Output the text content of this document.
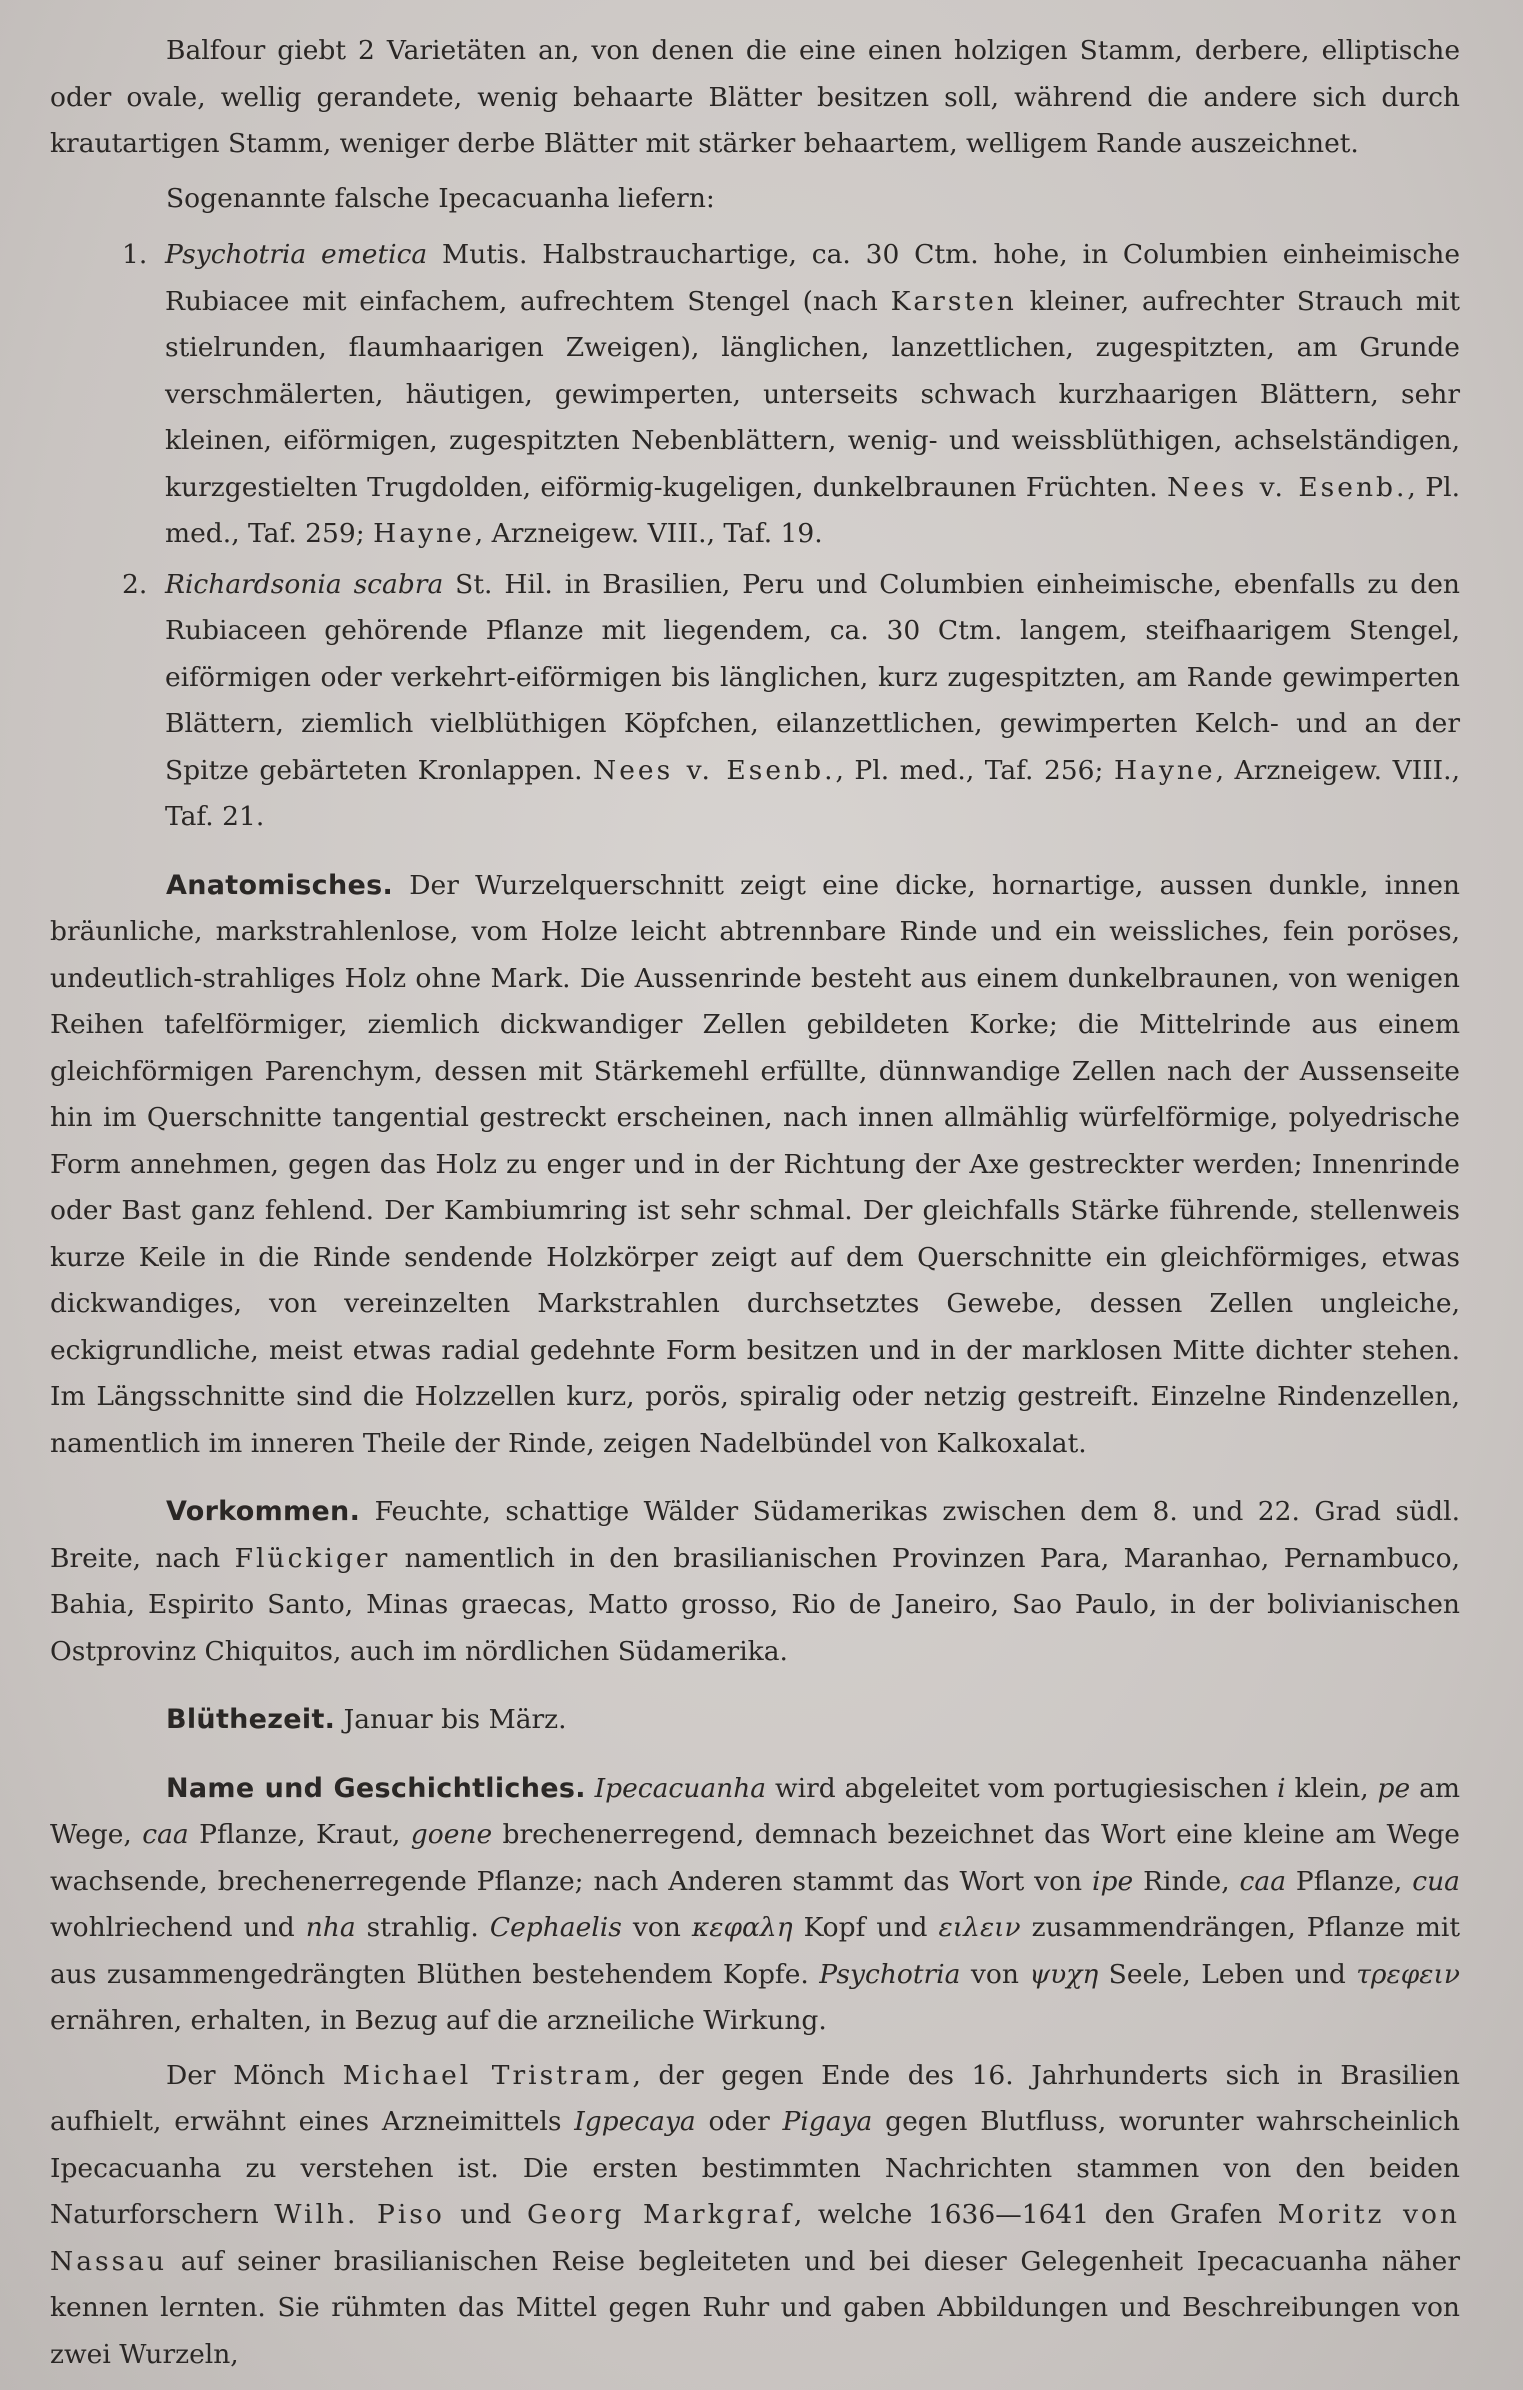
Balfour giebt 2 Varietäten an, von denen die eine einen holzigen Stamm, derbere, elliptische oder ovale, wellig gerandete, wenig behaarte Blätter besitzen soll, während die andere sich durch krautartigen Stamm, weniger derbe Blätter mit stärker behaartem, welligem Rande auszeichnet.

Sogenannte falsche Ipecacuanha liefern:

1. Psychotria emetica Mutis. Halbstrauchartige, ca. 30 Ctm. hohe, in Columbien einheimische Rubiacee mit einfachem, aufrechtem Stengel (nach Karsten kleiner, aufrechter Strauch mit stielrunden, flaumhaarigen Zweigen), länglichen, lanzettlichen, zugespitzten, am Grunde verschmälerten, häutigen, gewimperten, unterseits schwach kurzhaarigen Blättern, sehr kleinen, eiförmigen, zugespitzten Nebenblättern, wenig- und weissblüthigen, achselständigen, kurzgestielten Trugdolden, eiförmig-kugeligen, dunkelbraunen Früchten. Nees v. Esenb., Pl. med., Taf. 259; Hayne, Arzneigew. VIII., Taf. 19.

2. Richardsonia scabra St. Hil. in Brasilien, Peru und Columbien einheimische, ebenfalls zu den Rubiaceen gehörende Pflanze mit liegendem, ca. 30 Ctm. langem, steifhaarigem Stengel, eiförmigen oder verkehrt-eiförmigen bis länglichen, kurz zugespitzten, am Rande gewimperten Blättern, ziemlich vielblüthigen Köpfchen, eilanzettlichen, gewimperten Kelch- und an der Spitze gebärteten Kronlappen. Nees v. Esenb., Pl. med., Taf. 256; Hayne, Arzneigew. VIII., Taf. 21.

Anatomisches. Der Wurzelquerschnitt zeigt eine dicke, hornartige, aussen dunkle, innen bräunliche, markstrahlenlose, vom Holze leicht abtrennbare Rinde und ein weissliches, fein poröses, undeutlich-strahliges Holz ohne Mark. Die Aussenrinde besteht aus einem dunkelbraunen, von wenigen Reihen tafelförmiger, ziemlich dickwandiger Zellen gebildeten Korke; die Mittelrinde aus einem gleichförmigen Parenchym, dessen mit Stärkemehl erfüllte, dünnwandige Zellen nach der Aussenseite hin im Querschnitte tangential gestreckt erscheinen, nach innen allmählig würfelförmige, polyedrische Form annehmen, gegen das Holz zu enger und in der Richtung der Axe gestreckter werden; Innenrinde oder Bast ganz fehlend. Der Kambiumring ist sehr schmal. Der gleichfalls Stärke führende, stellenweis kurze Keile in die Rinde sendende Holzkörper zeigt auf dem Querschnitte ein gleichförmiges, etwas dickwandiges, von vereinzelten Markstrahlen durchsetztes Gewebe, dessen Zellen ungleiche, eckigrundliche, meist etwas radial gedehnte Form besitzen und in der marklosen Mitte dichter stehen. Im Längsschnitte sind die Holzzellen kurz, porös, spiralig oder netzig gestreift. Einzelne Rindenzellen, namentlich im inneren Theile der Rinde, zeigen Nadelbündel von Kalkoxalat.

Vorkommen. Feuchte, schattige Wälder Südamerikas zwischen dem 8. und 22. Grad südl. Breite, nach Flückiger namentlich in den brasilianischen Provinzen Para, Maranhao, Pernambuco, Bahia, Espirito Santo, Minas graecas, Matto grosso, Rio de Janeiro, Sao Paulo, in der bolivianischen Ostprovinz Chiquitos, auch im nördlichen Südamerika.

Blüthezeit. Januar bis März.

Name und Geschichtliches. Ipecacuanha wird abgeleitet vom portugiesischen i klein, pe am Wege, caa Pflanze, Kraut, goene brechenerregend, demnach bezeichnet das Wort eine kleine am Wege wachsende, brechenerregende Pflanze; nach Anderen stammt das Wort von ipe Rinde, caa Pflanze, cua wohlriechend und nha strahlig. Cephaelis von κεφαλη Kopf und ειλειν zusammendrängen, Pflanze mit aus zusammengedrängten Blüthen bestehendem Kopfe. Psychotria von ψυχη Seele, Leben und τρεφειν ernähren, erhalten, in Bezug auf die arzneiliche Wirkung.

Der Mönch Michael Tristram, der gegen Ende des 16. Jahrhunderts sich in Brasilien aufhielt, erwähnt eines Arzneimittels Igpecaya oder Pigaya gegen Blutfluss, worunter wahrscheinlich Ipecacuanha zu verstehen ist. Die ersten bestimmten Nachrichten stammen von den beiden Naturforschern Wilh. Piso und Georg Markgraf, welche 1636—1641 den Grafen Moritz von Nassau auf seiner brasilianischen Reise begleiteten und bei dieser Gelegenheit Ipecacuanha näher kennen lernten. Sie rühmten das Mittel gegen Ruhr und gaben Abbildungen und Beschreibungen von zwei Wurzeln,
